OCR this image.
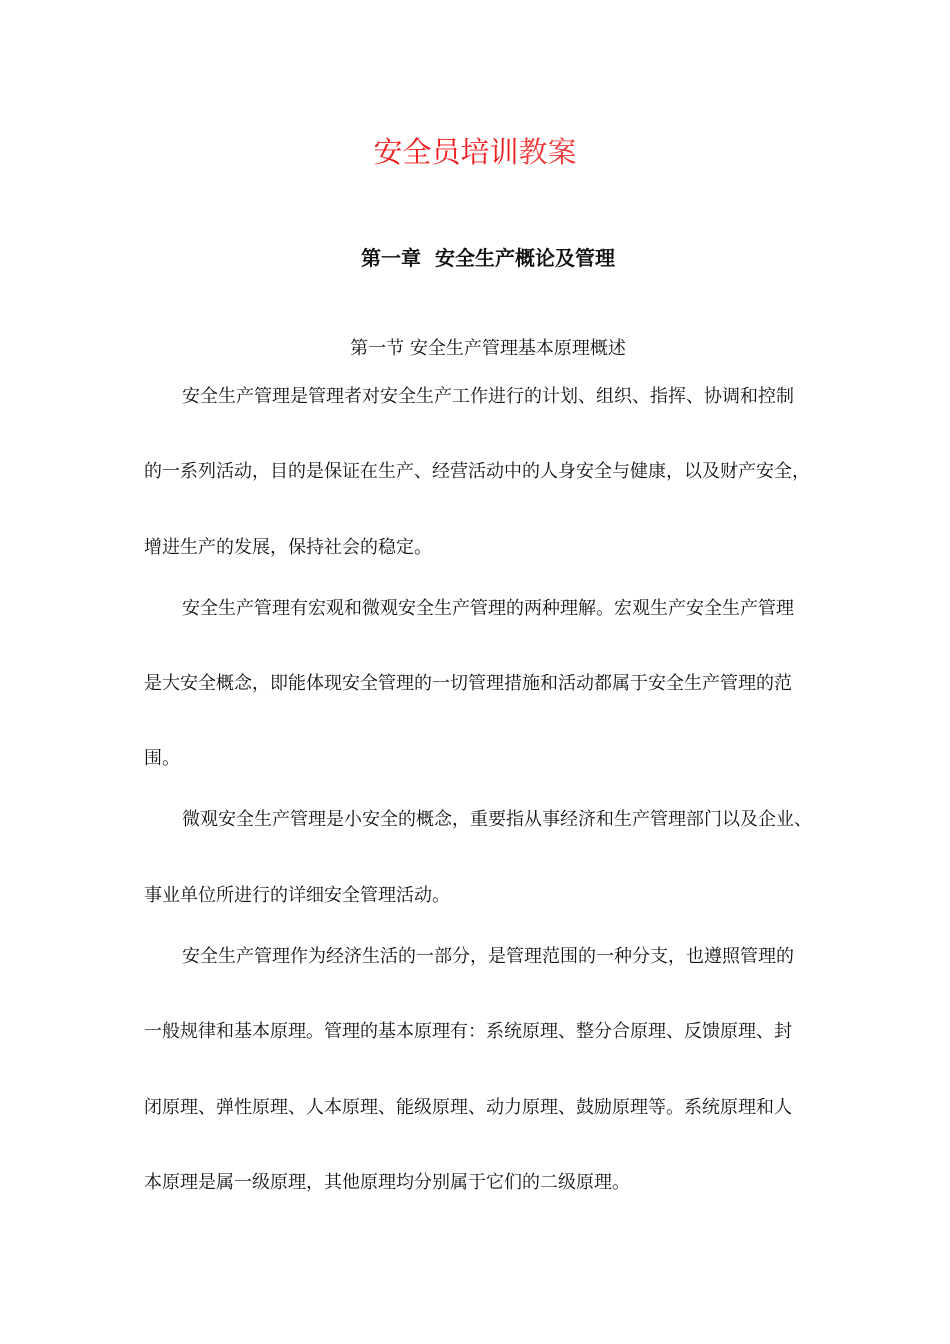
安全员培训教案
第一章  安全生产概论及管理
第一节 安全生产管理基本原理概述
安全生产管理是管理者对安全生产工作进行的计划、组织、指挥、协调和控制
的一系列活动，目的是保证在生产、经营活动中的人身安全与健康，以及财产安全，
增进生产的发展，保持社会的稳定。
安全生产管理有宏观和微观安全生产管理的两种理解。宏观生产安全生产管理
是大安全概念，即能体现安全管理的一切管理措施和活动都属于安全生产管理的范
围。
微观安全生产管理是小安全的概念，重要指从事经济和生产管理部门以及企业、
事业单位所进行的详细安全管理活动。
安全生产管理作为经济生活的一部分，是管理范围的一种分支，也遵照管理的
一般规律和基本原理。管理的基本原理有：系统原理、整分合原理、反馈原理、封
闭原理、弹性原理、人本原理、能级原理、动力原理、鼓励原理等。系统原理和人
本原理是属一级原理，其他原理均分别属于它们的二级原理。
